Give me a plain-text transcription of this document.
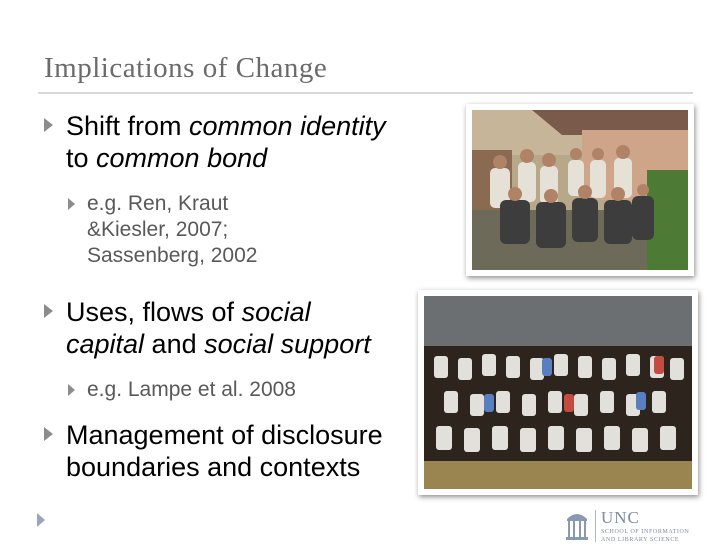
Implications of Change
Shift from common identity
to common bond
e.g. Ren, Kraut
&Kiesler, 2007;
Sassenberg, 2002
Uses, flows of social
capital and social support
e.g. Lampe et al. 2008
Management of disclosure
boundaries and contexts
UNC
SCHOOL OF INFORMATION
AND LIBRARY SCIENCE
